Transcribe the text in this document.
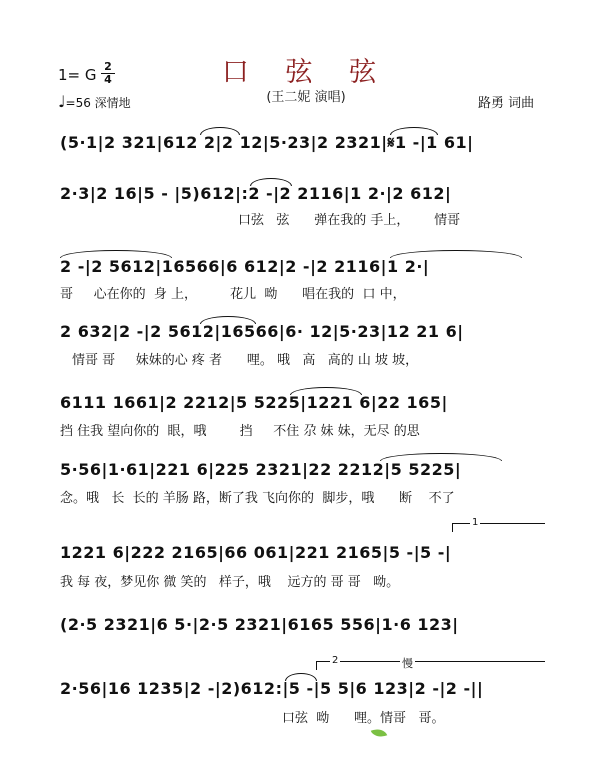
口 弦 弦
(王二妮 演唱)
1= G $\frac{2}{4}$
♩=56 深情地	路勇 词曲
(5·1|2 321|612 2|2 12|5·23|2 2321|𝄋1 -|1 61|
2·3|2 16|5 - |5)612|:2 -|2 2116|1 2·|2 612|
口弦   弦      弹在我的 手上，      情哥
2 -|2 5612|16566|6 612|2 -|2 2116|1 2·|
哥     心在你的  身 上，        花儿  呦      唱在我的  口 中，
2 632|2 -|2 5612|16566|6· 12|5·23|12 21 6|
情哥 哥     妹妹的心 疼 者      哩。 哦   高   高的 山 坡 坡，
6111 1661|2 2212|5 5225|1221 6|22 165|
挡 住我 望向你的  眼，哦        挡     不住 尕 妹 妹，无尽 的思
5·56|1·61|221 6|225 2321|22 2212|5 5225|
念。哦   长  长的 羊肠 路，断了我 飞向你的  脚步，哦      断    不了
1
1221 6|222 2165|66 061|221 2165|5 -|5 -|
我 每 夜，梦见你 微 笑的   样子，哦    远方的 哥 哥   呦。
(2·5 2321|6 5·|2·5 2321|6165 556|1·6 123|
2	慢
2·56|16 1235|2 -|2)612:|5 -|5 5|6 123|2 -|2 -||
口弦  呦      哩。情哥   哥。
